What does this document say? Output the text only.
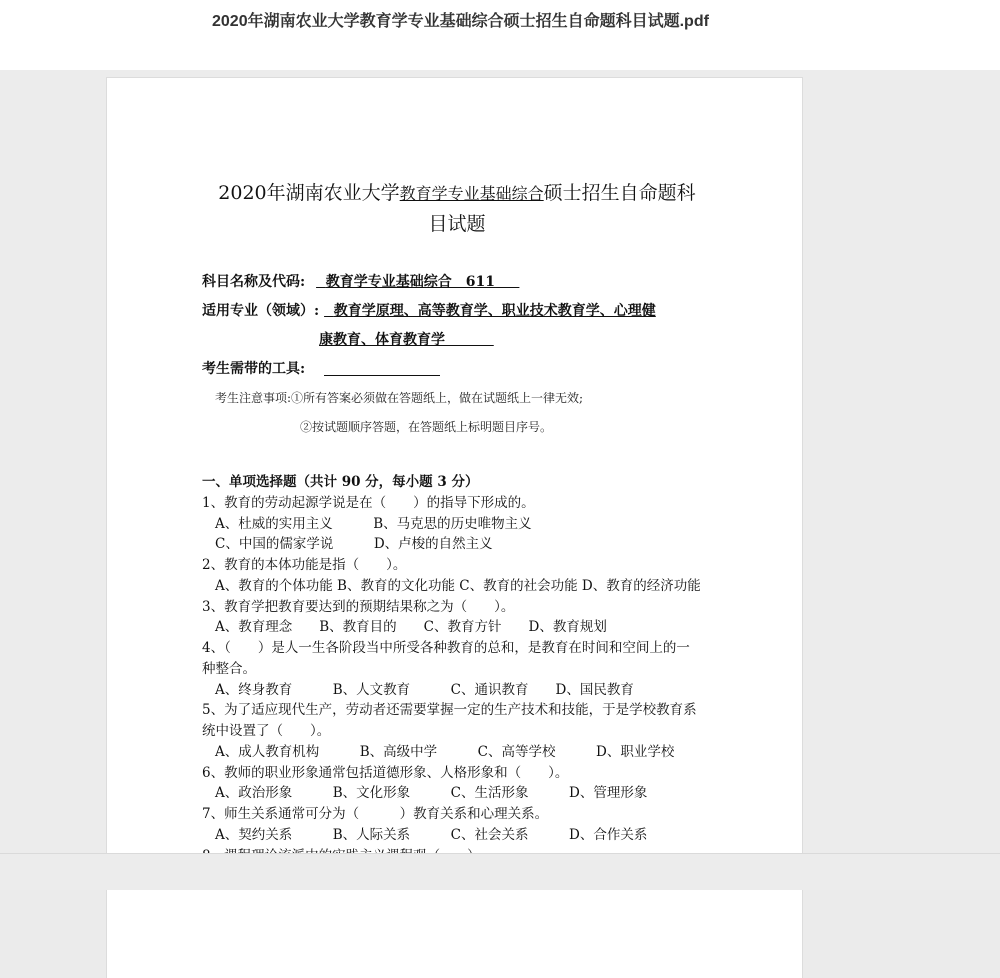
2020年湖南农业大学教育学专业基础综合硕士招生自命题科目试题.pdf
2020年湖南农业大学教育学专业基础综合硕士招生自命题科
目试题
科目名称及代码: 教育学专业基础综合　611
适用专业（领域）: 教育学原理、高等教育学、职业技术教育学、心理健
康教育、体育教育学
考生需带的工具:
考生注意事项:①所有答案必须做在答题纸上，做在试题纸上一律无效;
②按试题顺序答题，在答题纸上标明题目序号。
一、单项选择题（共计 90 分，每小题 3 分）
1、教育的劳动起源学说是在（　　）的指导下形成的。
A、杜威的实用主义　　　B、马克思的历史唯物主义
C、中国的儒家学说　　　D、卢梭的自然主义
2、教育的本体功能是指（　　）。
A、教育的个体功能 B、教育的文化功能 C、教育的社会功能 D、教育的经济功能
3、教育学把教育要达到的预期结果称之为（　　）。
A、教育理念　　B、教育目的　　C、教育方针　　D、教育规划
4、（　　）是人一生各阶段当中所受各种教育的总和，是教育在时间和空间上的一
种整合。
A、终身教育　　　B、人文教育　　　C、通识教育　　D、国民教育
5、为了适应现代生产，劳动者还需要掌握一定的生产技术和技能，于是学校教育系
统中设置了（　　）。
A、成人教育机构　　　B、高级中学　　　C、高等学校　　　D、职业学校
6、教师的职业形象通常包括道德形象、人格形象和（　　）。
A、政治形象　　　B、文化形象　　　C、生活形象　　　D、管理形象
7、师生关系通常可分为（　　　）教育关系和心理关系。
A、契约关系　　　B、人际关系　　　C、社会关系　　　D、合作关系
